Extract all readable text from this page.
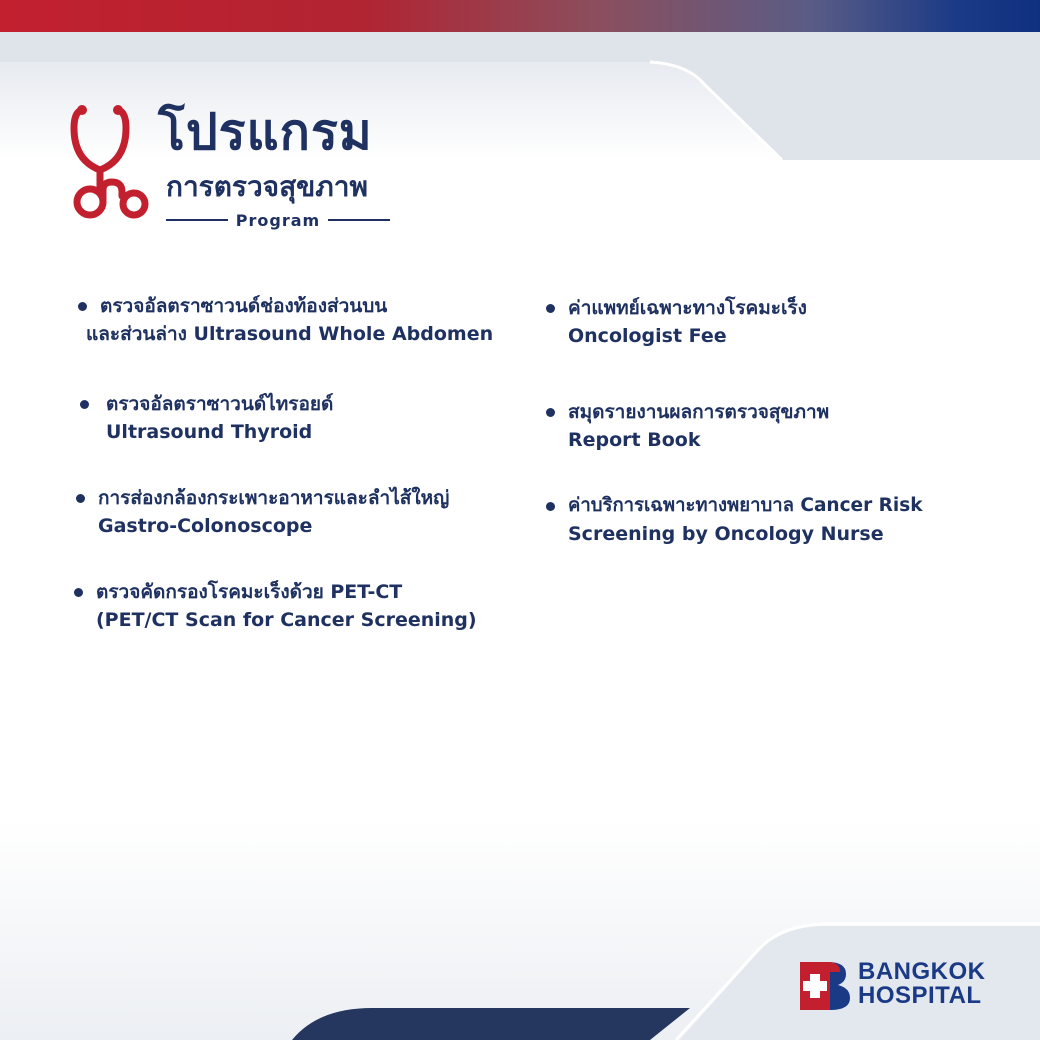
โปรแกรม
การตรวจสุขภาพ
Program
ตรวจอัลตราซาวนด์ช่องท้องส่วนบน
และส่วนล่าง Ultrasound Whole Abdomen
ตรวจอัลตราซาวนด์ไทรอยด์
Ultrasound Thyroid
การส่องกล้องกระเพาะอาหารและลำไส้ใหญ่
Gastro-Colonoscope
ตรวจคัดกรองโรคมะเร็งด้วย PET-CT
(PET/CT Scan for Cancer Screening)
ค่าแพทย์เฉพาะทางโรคมะเร็ง
Oncologist Fee
สมุดรายงานผลการตรวจสุขภาพ
Report Book
ค่าบริการเฉพาะทางพยาบาล Cancer Risk
Screening by Oncology Nurse
BANGKOK
HOSPITAL
